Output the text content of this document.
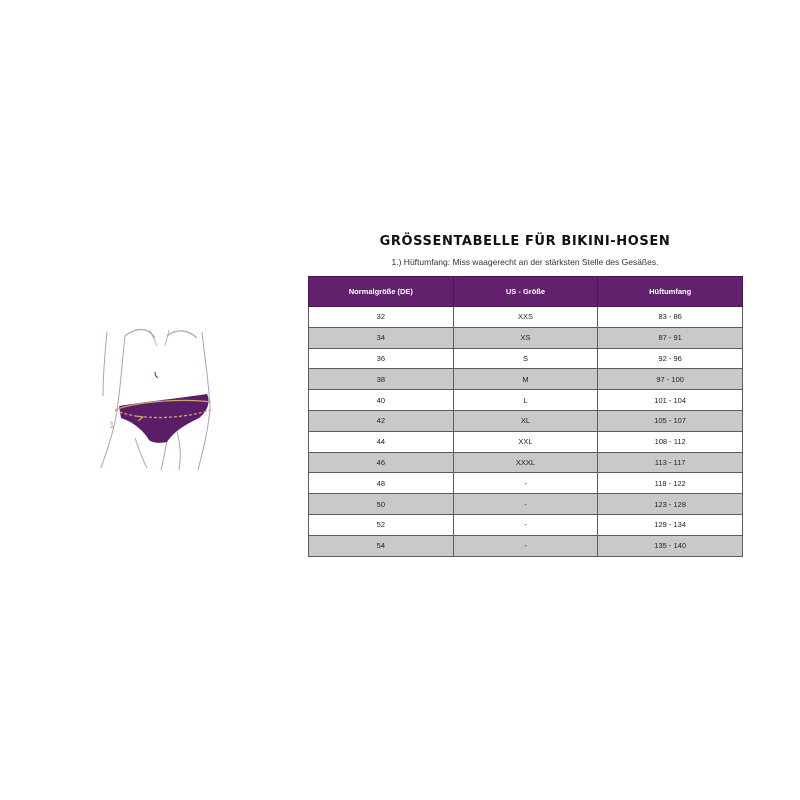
1
GRÖSSENTABELLE FÜR BIKINI-HOSEN
1.) Hüftumfang: Miss waagerecht an der stärksten Stelle des Gesäßes.
Normalgröße (DE)	US - Größe	Hüftumfang
32	XXS	83 - 86
34	XS	87 - 91
36	S	92 - 96
38	M	97 - 100
40	L	101 - 104
42	XL	105 - 107
44	XXL	108 - 112
46	XXXL	113 - 117
48	-	118 - 122
50	-	123 - 128
52	-	129 - 134
54	-	135 - 140
